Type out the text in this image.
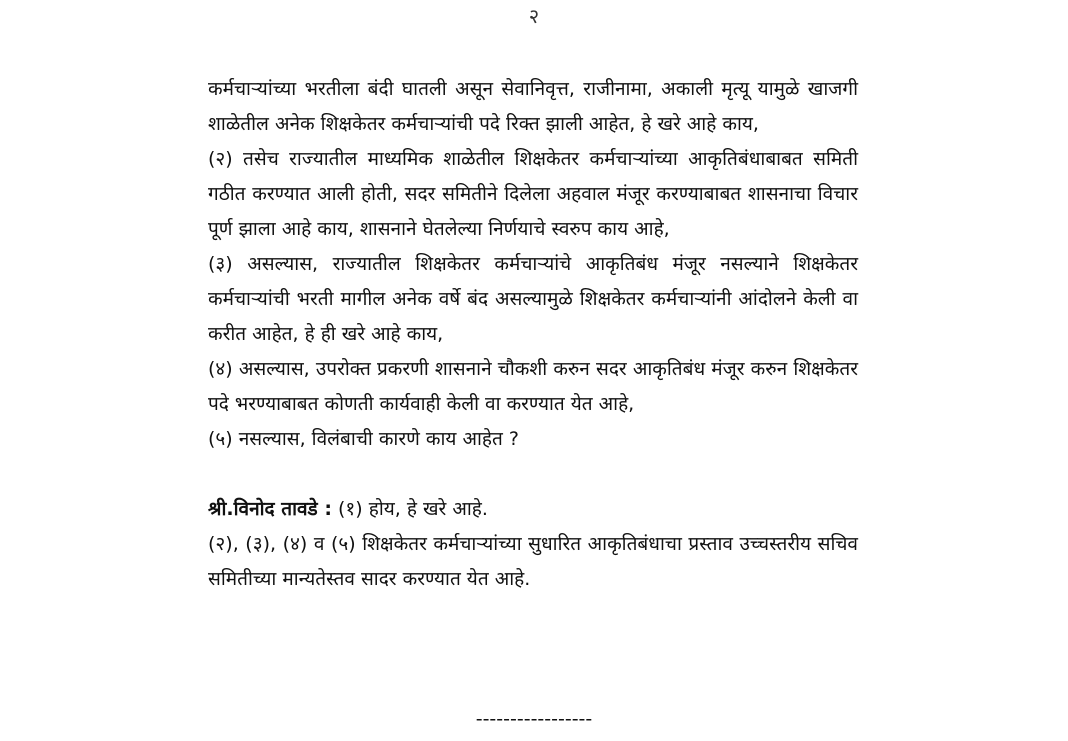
२

कर्मचाऱ्यांच्या भरतीला बंदी घातली असून सेवानिवृत्त, राजीनामा, अकाली मृत्यू यामुळे खाजगी शाळेतील अनेक शिक्षकेतर कर्मचाऱ्यांची पदे रिक्त झाली आहेत, हे खरे आहे काय,

(२) तसेच राज्यातील माध्यमिक शाळेतील शिक्षकेतर कर्मचाऱ्यांच्या आकृतिबंधाबाबत समिती गठीत करण्यात आली होती, सदर समितीने दिलेला अहवाल मंजूर करण्याबाबत शासनाचा विचार पूर्ण झाला आहे काय, शासनाने घेतलेल्या निर्णयाचे स्वरुप काय आहे,

(३) असल्यास, राज्यातील शिक्षकेतर कर्मचाऱ्यांचे आकृतिबंध मंजूर नसल्याने शिक्षकेतर कर्मचाऱ्यांची भरती मागील अनेक वर्षे बंद असल्यामुळे शिक्षकेतर कर्मचाऱ्यांनी आंदोलने केली वा करीत आहेत, हे ही खरे आहे काय,

(४) असल्यास, उपरोक्त प्रकरणी शासनाने चौकशी करुन सदर आकृतिबंध मंजूर करुन शिक्षकेतर पदे भरण्याबाबत कोणती कार्यवाही केली वा करण्यात येत आहे,

(५) नसल्यास, विलंबाची कारणे काय आहेत ?

श्री.विनोद तावडे : (१) होय, हे खरे आहे.

(२), (३), (४) व (५) शिक्षकेतर कर्मचाऱ्यांच्या सुधारित आकृतिबंधाचा प्रस्ताव उच्चस्तरीय सचिव समितीच्या मान्यतेस्तव सादर करण्यात येत आहे.

-----------------
